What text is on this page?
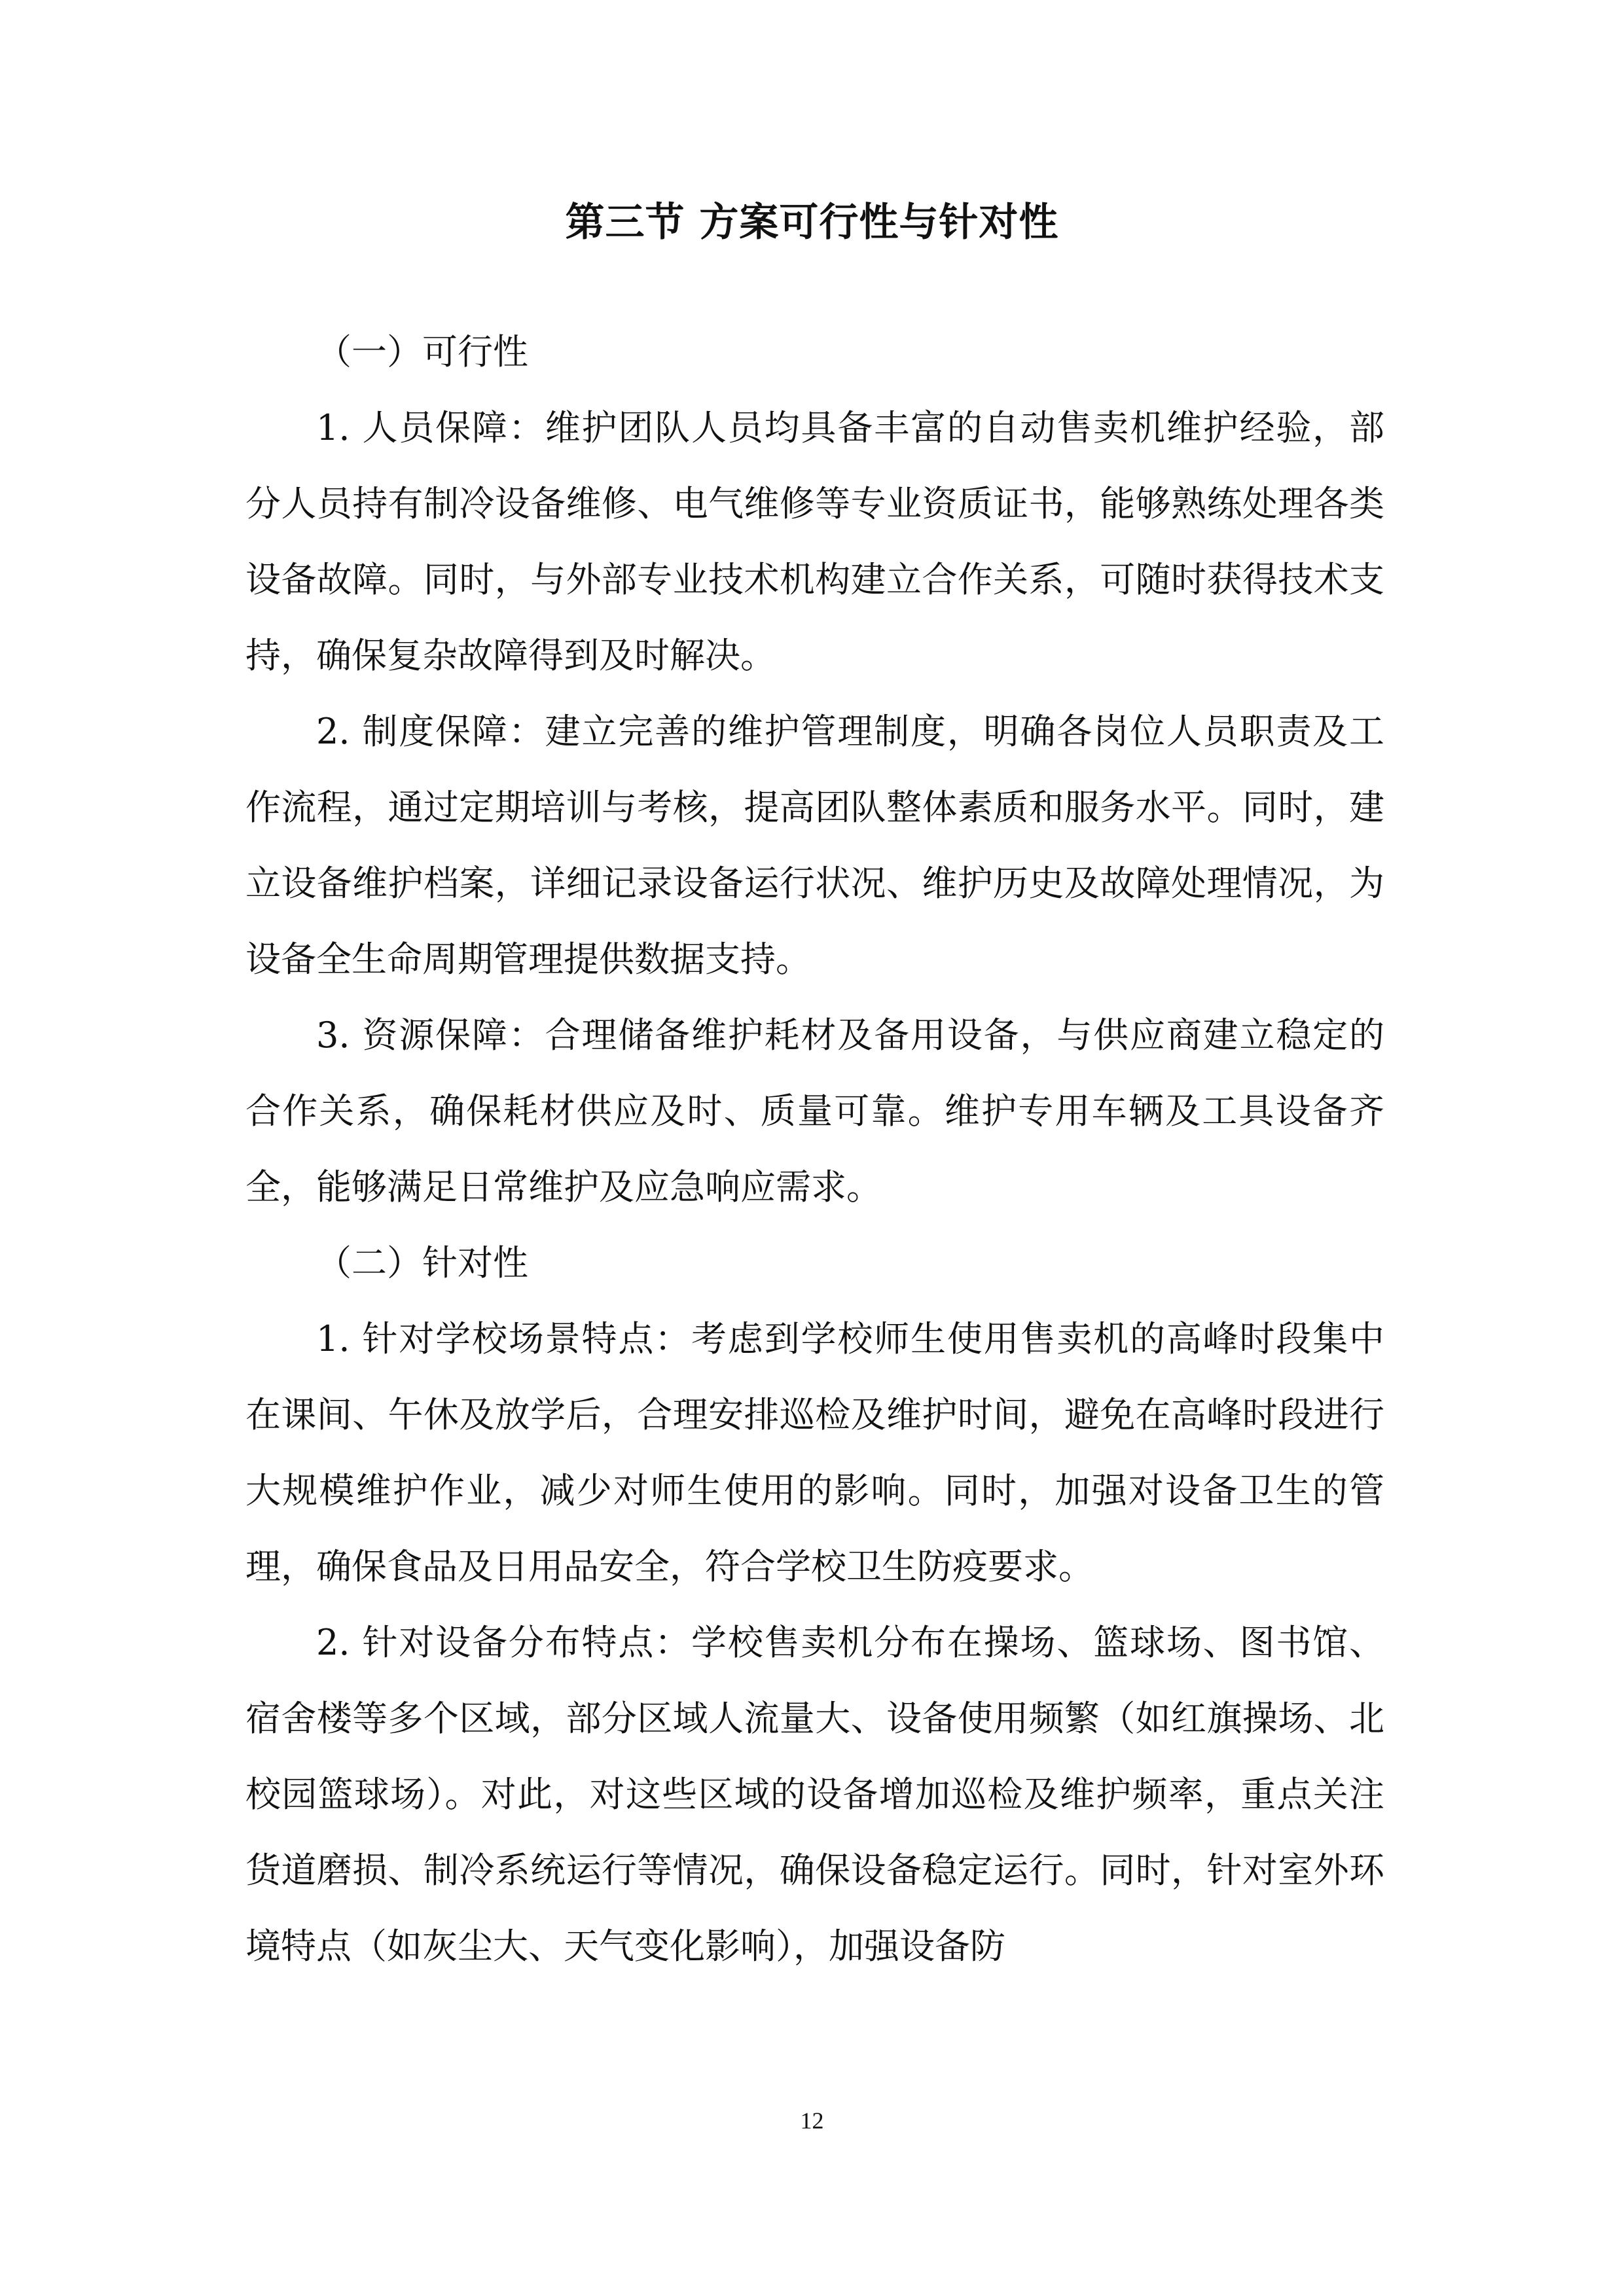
第三节 方案可行性与针对性

（一）可行性

1. 人员保障：维护团队人员均具备丰富的自动售卖机维护经验，部分人员持有制冷设备维修、电气维修等专业资质证书，能够熟练处理各类设备故障。同时，与外部专业技术机构建立合作关系，可随时获得技术支持，确保复杂故障得到及时解决。

2. 制度保障：建立完善的维护管理制度，明确各岗位人员职责及工作流程，通过定期培训与考核，提高团队整体素质和服务水平。同时，建立设备维护档案，详细记录设备运行状况、维护历史及故障处理情况，为设备全生命周期管理提供数据支持。

3. 资源保障：合理储备维护耗材及备用设备，与供应商建立稳定的合作关系，确保耗材供应及时、质量可靠。维护专用车辆及工具设备齐全，能够满足日常维护及应急响应需求。

（二）针对性

1. 针对学校场景特点：考虑到学校师生使用售卖机的高峰时段集中在课间、午休及放学后，合理安排巡检及维护时间，避免在高峰时段进行大规模维护作业，减少对师生使用的影响。同时，加强对设备卫生的管理，确保食品及日用品安全，符合学校卫生防疫要求。

2. 针对设备分布特点：学校售卖机分布在操场、篮球场、图书馆、宿舍楼等多个区域，部分区域人流量大、设备使用频繁（如红旗操场、北校园篮球场）。对此，对这些区域的设备增加巡检及维护频率，重点关注货道磨损、制冷系统运行等情况，确保设备稳定运行。同时，针对室外环境特点（如灰尘大、天气变化影响），加强设备防

12
